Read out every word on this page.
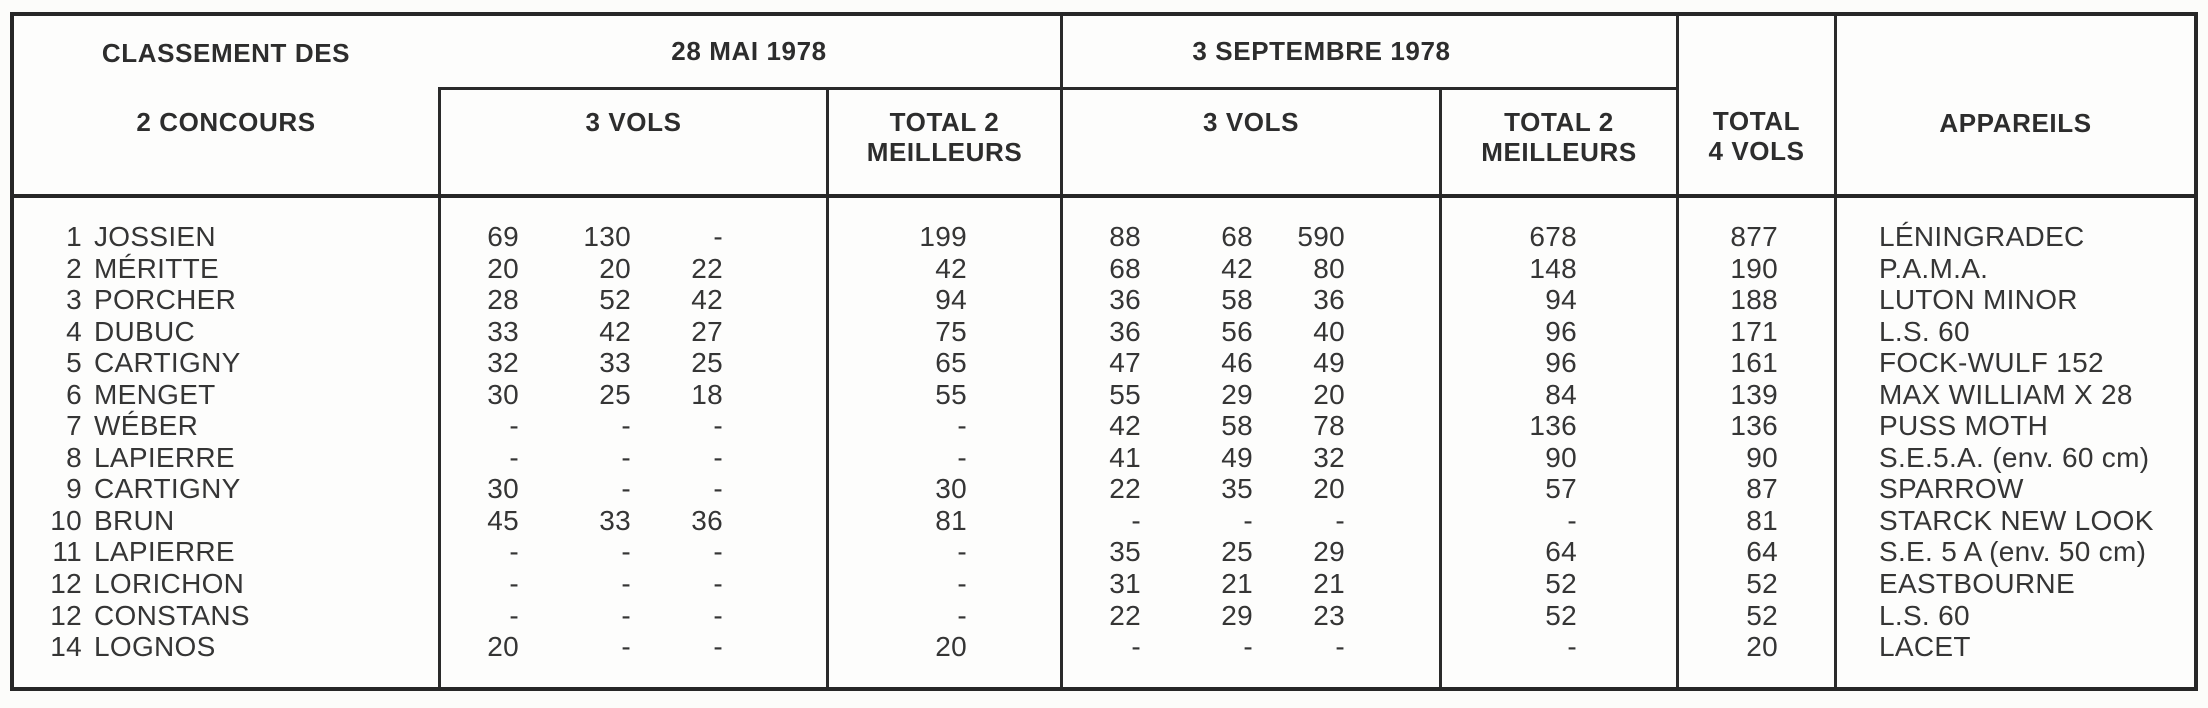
CLASSEMENT DES
2 CONCOURS
28 MAI 1978	3 SEPTEMBRE 1978
3 VOLS	TOTAL 2
MEILLEURS
3 VOLS	TOTAL 2
MEILLEURS
TOTAL
4 VOLS
APPAREILS
1 JOSSIEN	69	130	-	199	88	68	590	678	877	LÉNINGRADEC
2 MÉRITTE	20	20	22	42	68	42	80	148	190	P.A.M.A.
3 PORCHER	28	52	42	94	36	58	36	94	188	LUTON MINOR
4 DUBUC	33	42	27	75	36	56	40	96	171	L.S. 60
5 CARTIGNY	32	33	25	65	47	46	49	96	161	FOCK-WULF 152
6 MENGET	30	25	18	55	55	29	20	84	139	MAX WILLIAM X 28
7 WÉBER	-	-	-	-	42	58	78	136	136	PUSS MOTH
8 LAPIERRE	-	-	-	-	41	49	32	90	90	S.E.5.A. (env. 60 cm)
9 CARTIGNY	30	-	-	30	22	35	20	57	87	SPARROW
10 BRUN	45	33	36	81	-	-	-	-	81	STARCK NEW LOOK
11 LAPIERRE	-	-	-	-	35	25	29	64	64	S.E. 5 A (env. 50 cm)
12 LORICHON	-	-	-	-	31	21	21	52	52	EASTBOURNE
12 CONSTANS	-	-	-	-	22	29	23	52	52	L.S. 60
14 LOGNOS	20	-	-	20	-	-	-	-	20	LACET
